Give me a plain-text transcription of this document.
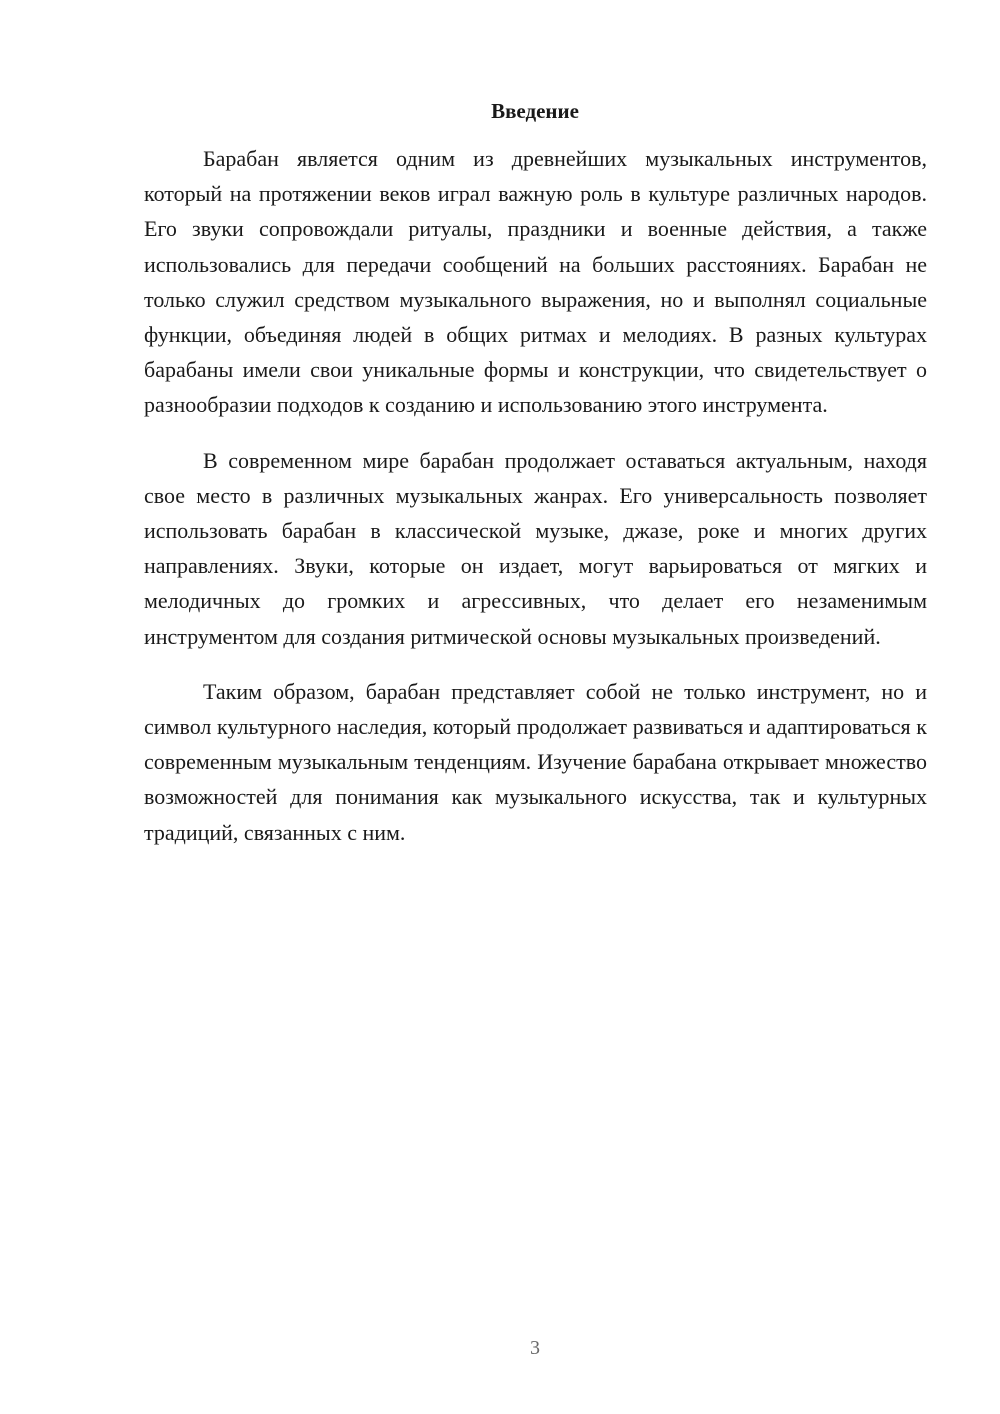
Введение

Барабан является одним из древнейших музыкальных инструментов, который на протяжении веков играл важную роль в культуре различных народов. Его звуки сопровождали ритуалы, праздники и военные действия, а также использовались для передачи сообщений на больших расстояниях. Барабан не только служил средством музыкального выражения, но и выполнял социальные функции, объединяя людей в общих ритмах и мелодиях. В разных культурах барабаны имели свои уникальные формы и конструкции, что свидетельствует о разнообразии подходов к созданию и использованию этого инструмента.

В современном мире барабан продолжает оставаться актуальным, находя свое место в различных музыкальных жанрах. Его универсальность позволяет использовать барабан в классической музыке, джазе, роке и многих других направлениях. Звуки, которые он издает, могут варьироваться от мягких и мелодичных до громких и агрессивных, что делает его незаменимым инструментом для создания ритмической основы музыкальных произведений.

Таким образом, барабан представляет собой не только инструмент, но и символ культурного наследия, который продолжает развиваться и адаптироваться к современным музыкальным тенденциям. Изучение барабана открывает множество возможностей для понимания как музыкального искусства, так и культурных традиций, связанных с ним.

3
